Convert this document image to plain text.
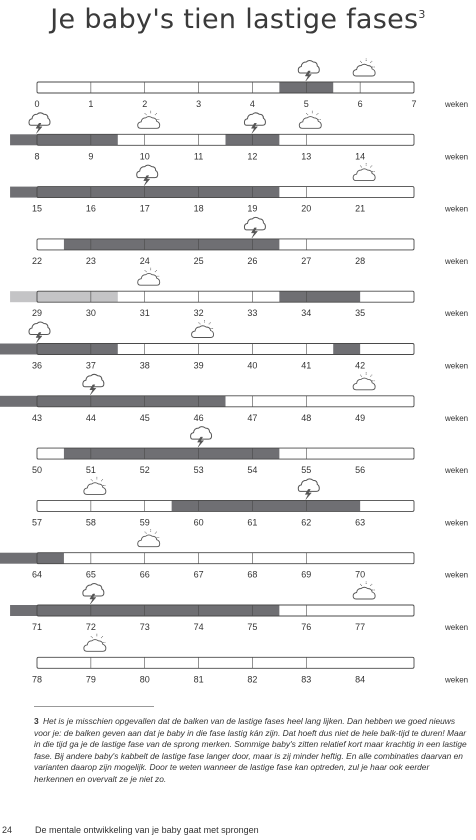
Je baby's tien lastige fases$^3$
0	1	2	3	4	5	6	7	weken
8	9	10	11	12	13	14	weken
15	16	17	18	19	20	21	weken
22	23	24	25	26	27	28	weken
29	30	31	32	33	34	35	weken
36	37	38	39	40	41	42	weken
43	44	45	46	47	48	49	weken
50	51	52	53	54	55	56	weken
57	58	59	60	61	62	63	weken
64	65	66	67	68	69	70	weken
71	72	73	74	75	76	77	weken
78	79	80	81	82	83	84	weken

3 Het is je misschien opgevallen dat de balken van de lastige fases heel lang lijken. Dan hebben we goed nieuws voor je: de balken geven aan dat je baby in die fase lastig kán zijn. Dat hoeft dus niet de hele balk-tijd te duren! Maar in die tijd ga je de lastige fase van de sprong merken. Sommige baby's zitten relatief kort maar krachtig in een lastige fase. Bij andere baby's kabbelt de lastige fase langer door, maar is zij minder heftig. En alle combinaties daarvan en varianten daarop zijn mogelijk. Door te weten wanneer de lastige fase kan optreden, zul je haar ook eerder herkennen en overvalt ze je niet zo.

24	De mentale ontwikkeling van je baby gaat met sprongen
